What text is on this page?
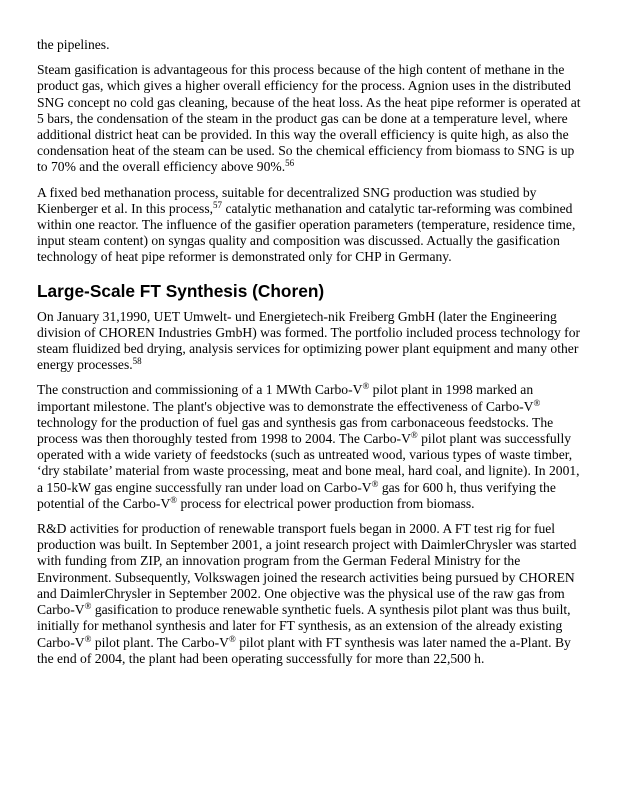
the pipelines.

Steam gasification is advantageous for this process because of the high content of methane in the product gas, which gives a higher overall efficiency for the process. Agnion uses in the distributed SNG concept no cold gas cleaning, because of the heat loss. As the heat pipe reformer is operated at 5 bars, the condensation of the steam in the product gas can be done at a temperature level, where additional district heat can be provided. In this way the overall efficiency is quite high, as also the condensation heat of the steam can be used. So the chemical efficiency from biomass to SNG is up to 70% and the overall efficiency above 90%.$^{56}$

A fixed bed methanation process, suitable for decentralized SNG production was studied by Kienberger et al. In this process,$^{57}$ catalytic methanation and catalytic tar-reforming was combined within one reactor. The influence of the gasifier operation parameters (temperature, residence time, input steam content) on syngas quality and composition was discussed. Actually the gasification technology of heat pipe reformer is demonstrated only for CHP in Germany.

Large-Scale FT Synthesis (Choren)

On January 31,1990, UET Umwelt- und Energietech-nik Freiberg GmbH (later the Engineering division of CHOREN Industries GmbH) was formed. The portfolio included process technology for steam fluidized bed drying, analysis services for optimizing power plant equipment and many other energy processes.$^{58}$

The construction and commissioning of a 1 MWth Carbo-V® pilot plant in 1998 marked an important milestone. The plant's objective was to demonstrate the effectiveness of Carbo-V® technology for the production of fuel gas and synthesis gas from carbonaceous feedstocks. The process was then thoroughly tested from 1998 to 2004. The Carbo-V® pilot plant was successfully operated with a wide variety of feedstocks (such as untreated wood, various types of waste timber, ‘dry stabilate’ material from waste processing, meat and bone meal, hard coal, and lignite). In 2001, a 150-kW gas engine successfully ran under load on Carbo-V® gas for 600 h, thus verifying the potential of the Carbo-V® process for electrical power production from biomass.

R&D activities for production of renewable transport fuels began in 2000. A FT test rig for fuel production was built. In September 2001, a joint research project with DaimlerChrysler was started with funding from ZIP, an innovation program from the German Federal Ministry for the Environment. Subsequently, Volkswagen joined the research activities being pursued by CHOREN and DaimlerChrysler in September 2002. One objective was the physical use of the raw gas from Carbo-V® gasification to produce renewable synthetic fuels. A synthesis pilot plant was thus built, initially for methanol synthesis and later for FT synthesis, as an extension of the already existing Carbo-V® pilot plant. The Carbo-V® pilot plant with FT synthesis was later named the a-Plant. By the end of 2004, the plant had been operating successfully for more than 22,500 h.
